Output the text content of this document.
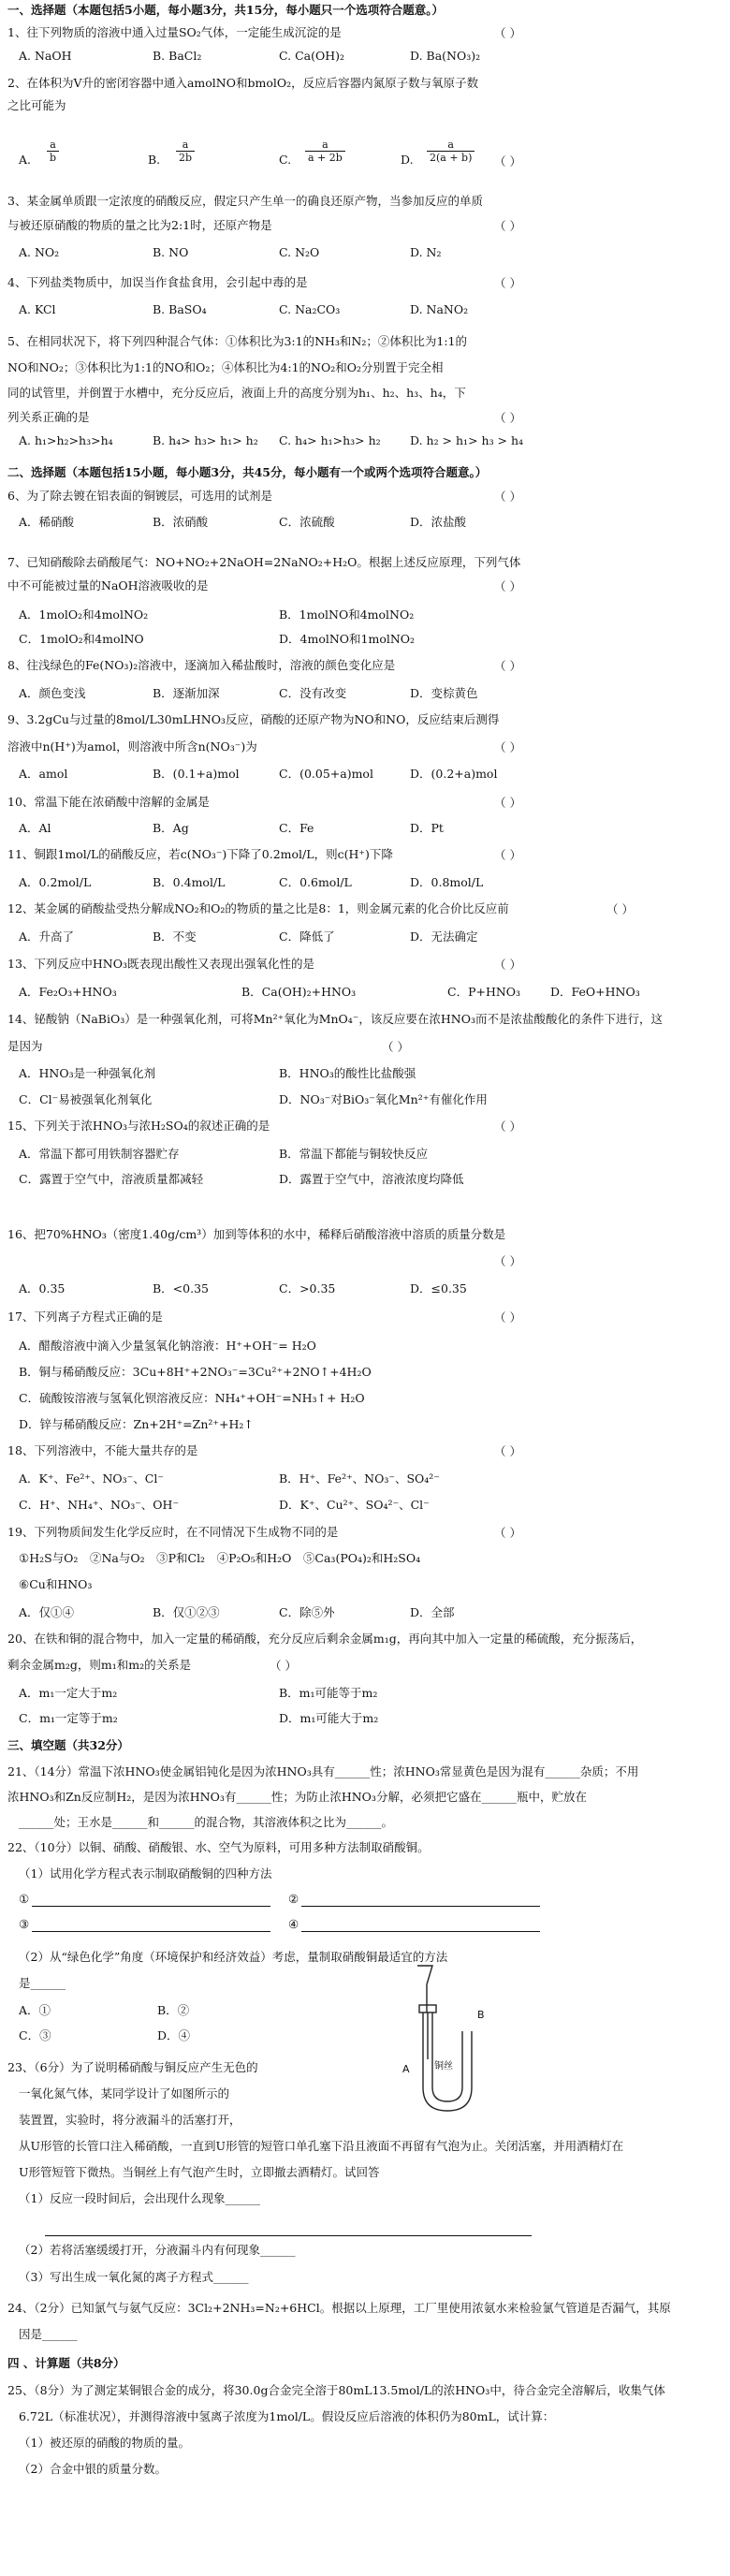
一、选择题（本题包括5小题，每小题3分，共15分，每小题只一个选项符合题意。）
1、往下列物质的溶液中通入过量SO₂气体，一定能生成沉淀的是	（ ）
A. NaOH	B. BaCl₂	C. Ca(OH)₂	D. Ba(NO₃)₂
2、在体积为V升的密闭容器中通入amolNO和bmolO₂，反应后容器内氮原子数与氧原子数
之比可能为
A.
a
b	B.
a
2b	C.
a
a + 2b	D.
a
2(a + b) （ ）
3、某金属单质跟一定浓度的硝酸反应，假定只产生单一的确良还原产物，当参加反应的单质
与被还原硝酸的物质的量之比为2:1时，还原产物是	（ ）
A. NO₂	B. NO	C. N₂O	D. N₂
4、下列盐类物质中，加误当作食盐食用，会引起中毒的是	（ ）
A. KCl	B. BaSO₄	C. Na₂CO₃	D. NaNO₂
5、在相同状况下，将下列四种混合气体：①体积比为3:1的NH₃和N₂；②体积比为1:1的
NO和NO₂；③体积比为1:1的NO和O₂；④体积比为4:1的NO₂和O₂分别置于完全相
同的试管里，并倒置于水槽中，充分反应后，液面上升的高度分别为h₁、h₂、h₃、h₄，下
列关系正确的是	（ ）
A. h₁>h₂>h₃>h₄	B. h₄> h₃> h₁> h₂ C. h₄> h₁>h₃> h₂	D. h₂ > h₁> h₃ > h₄
二、选择题（本题包括15小题，每小题3分，共45分，每小题有一个或两个选项符合题意。）
6、为了除去镀在铝表面的铜镀层，可选用的试剂是	（ ）
A．稀硝酸	B．浓硝酸	C．浓硫酸	D．浓盐酸
7、已知硝酸除去硝酸尾气：NO+NO₂+2NaOH=2NaNO₂+H₂O。根据上述反应原理，下列气体
中不可能被过量的NaOH溶液吸收的是	（ ）
A．1molO₂和4molNO₂	B．1molNO和4molNO₂
C．1molO₂和4molNO	D．4molNO和1molNO₂
8、往浅绿色的Fe(NO₃)₂溶液中，逐滴加入稀盐酸时，溶液的颜色变化应是	（ ）
A．颜色变浅	B．逐渐加深	C．没有改变	D．变棕黄色
9、3.2gCu与过量的8mol/L30mLHNO₃反应，硝酸的还原产物为NO和NO，反应结束后测得
溶液中n(H⁺)为amol，则溶液中所含n(NO₃⁻)为	（ ）
A．amol	B．(0.1+a)mol	C．(0.05+a)mol	D．(0.2+a)mol
10、常温下能在浓硝酸中溶解的金属是	（ ）
A．Al	B．Ag	C．Fe	D．Pt
11、铜跟1mol/L的硝酸反应，若c(NO₃⁻)下降了0.2mol/L，则c(H⁺)下降	（ ）
A．0.2mol/L	B．0.4mol/L	C．0.6mol/L	D．0.8mol/L
12、某金属的硝酸盐受热分解成NO₂和O₂的物质的量之比是8：1，则金属元素的化合价比反应前	（ ）
A．升高了	B．不变	C．降低了	D．无法确定
13、下列反应中HNO₃既表现出酸性又表现出强氧化性的是	（ ）
A．Fe₂O₃+HNO₃	B．Ca(OH)₂+HNO₃	C．P+HNO₃	D．FeO+HNO₃
14、铋酸钠（NaBiO₃）是一种强氧化剂，可将Mn²⁺氧化为MnO₄⁻，该反应要在浓HNO₃而不是浓盐酸酸化的条件下进行，这
是因为	（ ）
A．HNO₃是一种强氧化剂	B．HNO₃的酸性比盐酸强
C．Cl⁻易被强氧化剂氧化	D．NO₃⁻对BiO₃⁻氧化Mn²⁺有催化作用
15、下列关于浓HNO₃与浓H₂SO₄的叙述正确的是	（ ）
A．常温下都可用铁制容器贮存	B．常温下都能与铜较快反应
C．露置于空气中，溶液质量都减轻	D．露置于空气中，溶液浓度均降低
16、把70%HNO₃（密度1.40g/cm³）加到等体积的水中，稀释后硝酸溶液中溶质的质量分数是
（ ）
A．0.35	B．<0.35	C．>0.35	D．≤0.35
17、下列离子方程式正确的是	（ ）
A．醋酸溶液中滴入少量氢氧化钠溶液：H⁺+OH⁻= H₂O
B．铜与稀硝酸反应：3Cu+8H⁺+2NO₃⁻=3Cu²⁺+2NO↑+4H₂O
C．硫酸铵溶液与氢氧化钡溶液反应：NH₄⁺+OH⁻=NH₃↑+ H₂O
D．锌与稀硝酸反应：Zn+2H⁺=Zn²⁺+H₂↑
18、下列溶液中，不能大量共存的是	（ ）
A．K⁺、Fe²⁺、NO₃⁻、Cl⁻	B．H⁺、Fe²⁺、NO₃⁻、SO₄²⁻
C．H⁺、NH₄⁺、NO₃⁻、OH⁻	D．K⁺、Cu²⁺、SO₄²⁻、Cl⁻
19、下列物质间发生化学反应时，在不同情况下生成物不同的是	（ ）
①H₂S与O₂　②Na与O₂　③P和Cl₂　④P₂O₅和H₂O　⑤Ca₃(PO₄)₂和H₂SO₄
⑥Cu和HNO₃
A．仅①④	B．仅①②③	C．除⑤外	D．全部
20、在铁和铜的混合物中，加入一定量的稀硝酸，充分反应后剩余金属m₁g，再向其中加入一定量的稀硫酸，充分振荡后，
剩余金属m₂g，则m₁和m₂的关系是	（ ）
A．m₁一定大于m₂	B．m₁可能等于m₂
C．m₁一定等于m₂	D．m₁可能大于m₂
三、填空题（共32分）
21、（14分）常温下浓HNO₃使金属铝钝化是因为浓HNO₃具有______性；浓HNO₃常显黄色是因为混有______杂质；不用
浓HNO₃和Zn反应制H₂，是因为浓HNO₃有______性；为防止浓HNO₃分解，必须把它盛在______瓶中，贮放在
______处；王水是______和______的混合物，其溶液体积之比为______。
22、（10分）以铜、硝酸、硝酸银、水、空气为原料，可用多种方法制取硝酸铜。
（1）试用化学方程式表示制取硝酸铜的四种方法
①	②
③	④
（2）从“绿色化学”角度（环境保护和经济效益）考虑，量制取硝酸铜最适宜的方法
是______
A．①	B．②
C．③	D．④
A
B
铜丝
23、（6分）为了说明稀硝酸与铜反应产生无色的
一氧化氮气体，某同学设计了如图所示的
装置置，实验时，将分液漏斗的活塞打开，
从U形管的长管口注入稀硝酸，一直到U形管的短管口单孔塞下沿且液面不再留有气泡为止。关闭活塞，并用酒精灯在
U形管短管下微热。当铜丝上有气泡产生时，立即撤去酒精灯。试回答
（1）反应一段时间后，会出现什么现象______
（2）若将活塞缓缓打开，分液漏斗内有何现象______
（3）写出生成一氧化氮的离子方程式______
24、（2分）已知氯气与氨气反应：3Cl₂+2NH₃=N₂+6HCl。根据以上原理，工厂里使用浓氨水来检验氯气管道是否漏气，其原
因是______
四 、计算题（共8分）
25、（8分）为了测定某铜银合金的成分，将30.0g合金完全溶于80mL13.5mol/L的浓HNO₃中，待合金完全溶解后，收集气体
6.72L（标准状况），并测得溶液中氢离子浓度为1mol/L。假设反应后溶液的体积仍为80mL，试计算：
（1）被还原的硝酸的物质的量。
（2）合金中银的质量分数。
